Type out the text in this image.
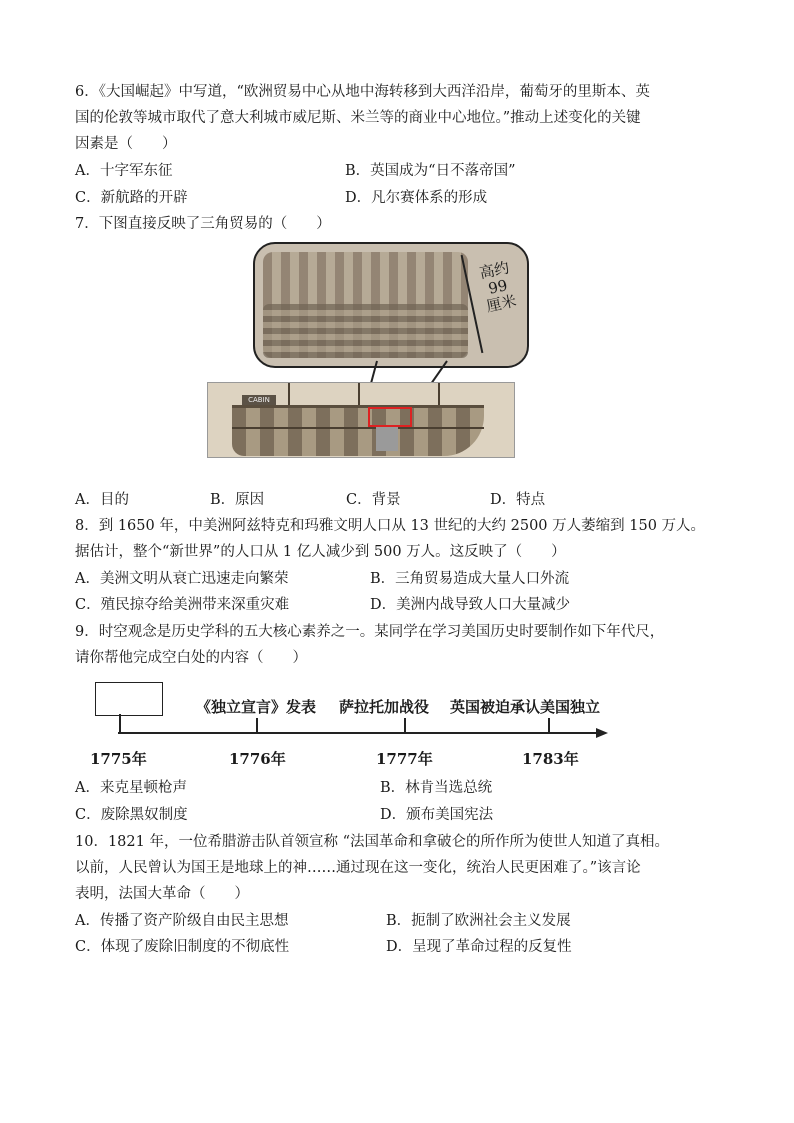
6．《大国崛起》中写道，“欧洲贸易中心从地中海转移到大西洋沿岸，葡萄牙的里斯本、英
国的伦敦等城市取代了意大利城市威尼斯、米兰等的商业中心地位。”推动上述变化的关键
因素是（　　）
A．十字军东征	B．英国成为“日不落帝国”
C．新航路的开辟	D．凡尔赛体系的形成
7．下图直接反映了三角贸易的（　　）
高约99厘米
CABIN
A．目的	B．原因	C．背景	D．特点
8．到 1650 年，中美洲阿兹特克和玛雅文明人口从 13 世纪的大约 2500 万人萎缩到 150 万人。
据估计，整个“新世界”的人口从 1 亿人减少到 500 万人。这反映了（　　）
A．美洲文明从衰亡迅速走向繁荣	B．三角贸易造成大量人口外流
C．殖民掠夺给美洲带来深重灾难	D．美洲内战导致人口大量减少
9．时空观念是历史学科的五大核心素养之一。某同学在学习美国历史时要制作如下年代尺，
请你帮他完成空白处的内容（　　）
《独立宣言》发表 萨拉托加战役 英国被迫承认美国独立
1775年	1776年	1777年	1783年
A．来克星顿枪声	B．林肯当选总统
C．废除黑奴制度	D．颁布美国宪法
10．1821 年，一位希腊游击队首领宣称 “法国革命和拿破仑的所作所为使世人知道了真相。
以前，人民曾认为国王是地球上的神……通过现在这一变化，统治人民更困难了。”该言论
表明，法国大革命（　　）
A．传播了资产阶级自由民主思想	B．扼制了欧洲社会主义发展
C．体现了废除旧制度的不彻底性	D．呈现了革命过程的反复性
